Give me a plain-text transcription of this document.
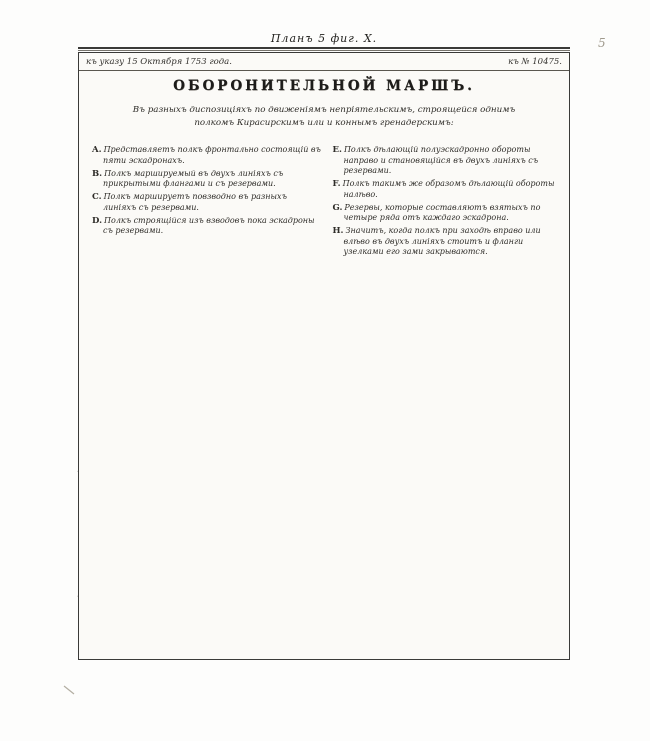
5
Планъ 5 фиг. X.
къ указу 15 Октября 1753 года.	къ № 10475.
ОБОРОНИТЕЛЬНОЙ МАРШЪ.
Въ разныхъ диспозиціяхъ по движеніямъ непріятельскимъ, строящейся однимъ
полкомъ Кирасирскимъ или и коннымъ гренадерскимъ:
A. Представляетъ полкъ фронтально состоящій въ пяти эскадронахъ.
B. Полкъ маршируемый въ двухъ линіяхъ съ прикрытыми флангами и съ резервами.
C. Полкъ маршируетъ повзводно въ разныхъ линіяхъ съ резервами.
D. Полкъ строящійся изъ взводовъ пока эскадроны съ резервами.
E. Полкъ дѣлающій полуэскадронно обороты направо и становящійся въ двухъ линіяхъ съ резервами.
F. Полкъ такимъ же образомъ дѣлающій обороты налѣво.
G. Резервы, которые составляютъ взятыхъ по четыре ряда отъ каждаго эскадрона.
H. Значитъ, когда полкъ при заходѣ вправо или влѣво въ двухъ линіяхъ стоитъ и фланги узелками его зами закрываются.
